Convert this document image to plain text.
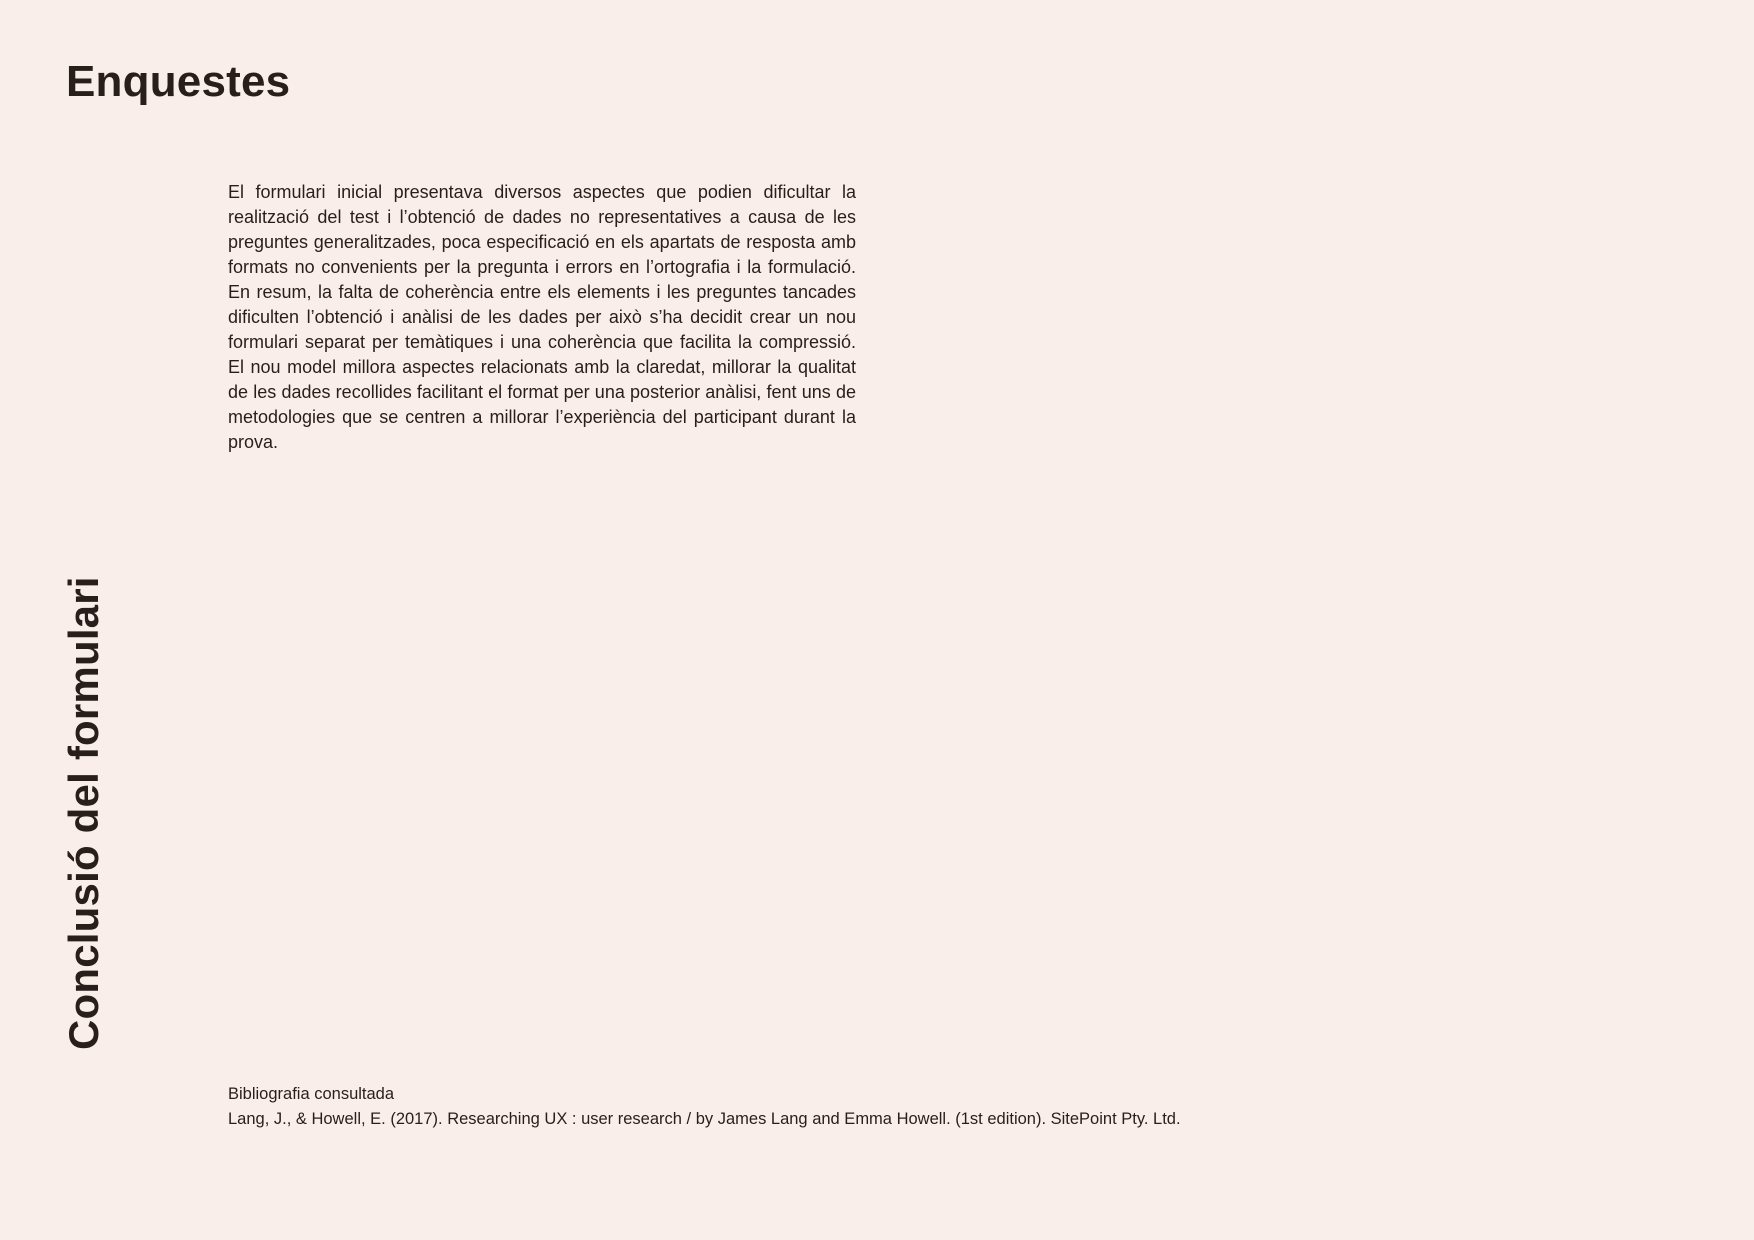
Enquestes
Conclusió del formulari

El formulari inicial presentava diversos aspectes que podien dificultar la realització del test i l’obtenció de dades no representatives a causa de les preguntes generalitzades, poca especificació en els apartats de resposta amb formats no convenients per la pregunta i errors en l’ortografia i la formulació. En resum, la falta de coherència entre els elements i les preguntes tancades dificulten l’obtenció i anàlisi de les dades per això s’ha decidit crear un nou formulari separat per temàtiques i una coherència que facilita la compressió. El nou model millora aspectes relacionats amb la claredat, millorar la qualitat de les dades recollides facilitant el format per una posterior anàlisi, fent uns de metodologies que se centren a millorar l’experiència del participant durant la prova.

Bibliografia consultada
Lang, J., & Howell, E. (2017). Researching UX : user research / by James Lang and Emma Howell. (1st edition). SitePoint Pty. Ltd.
